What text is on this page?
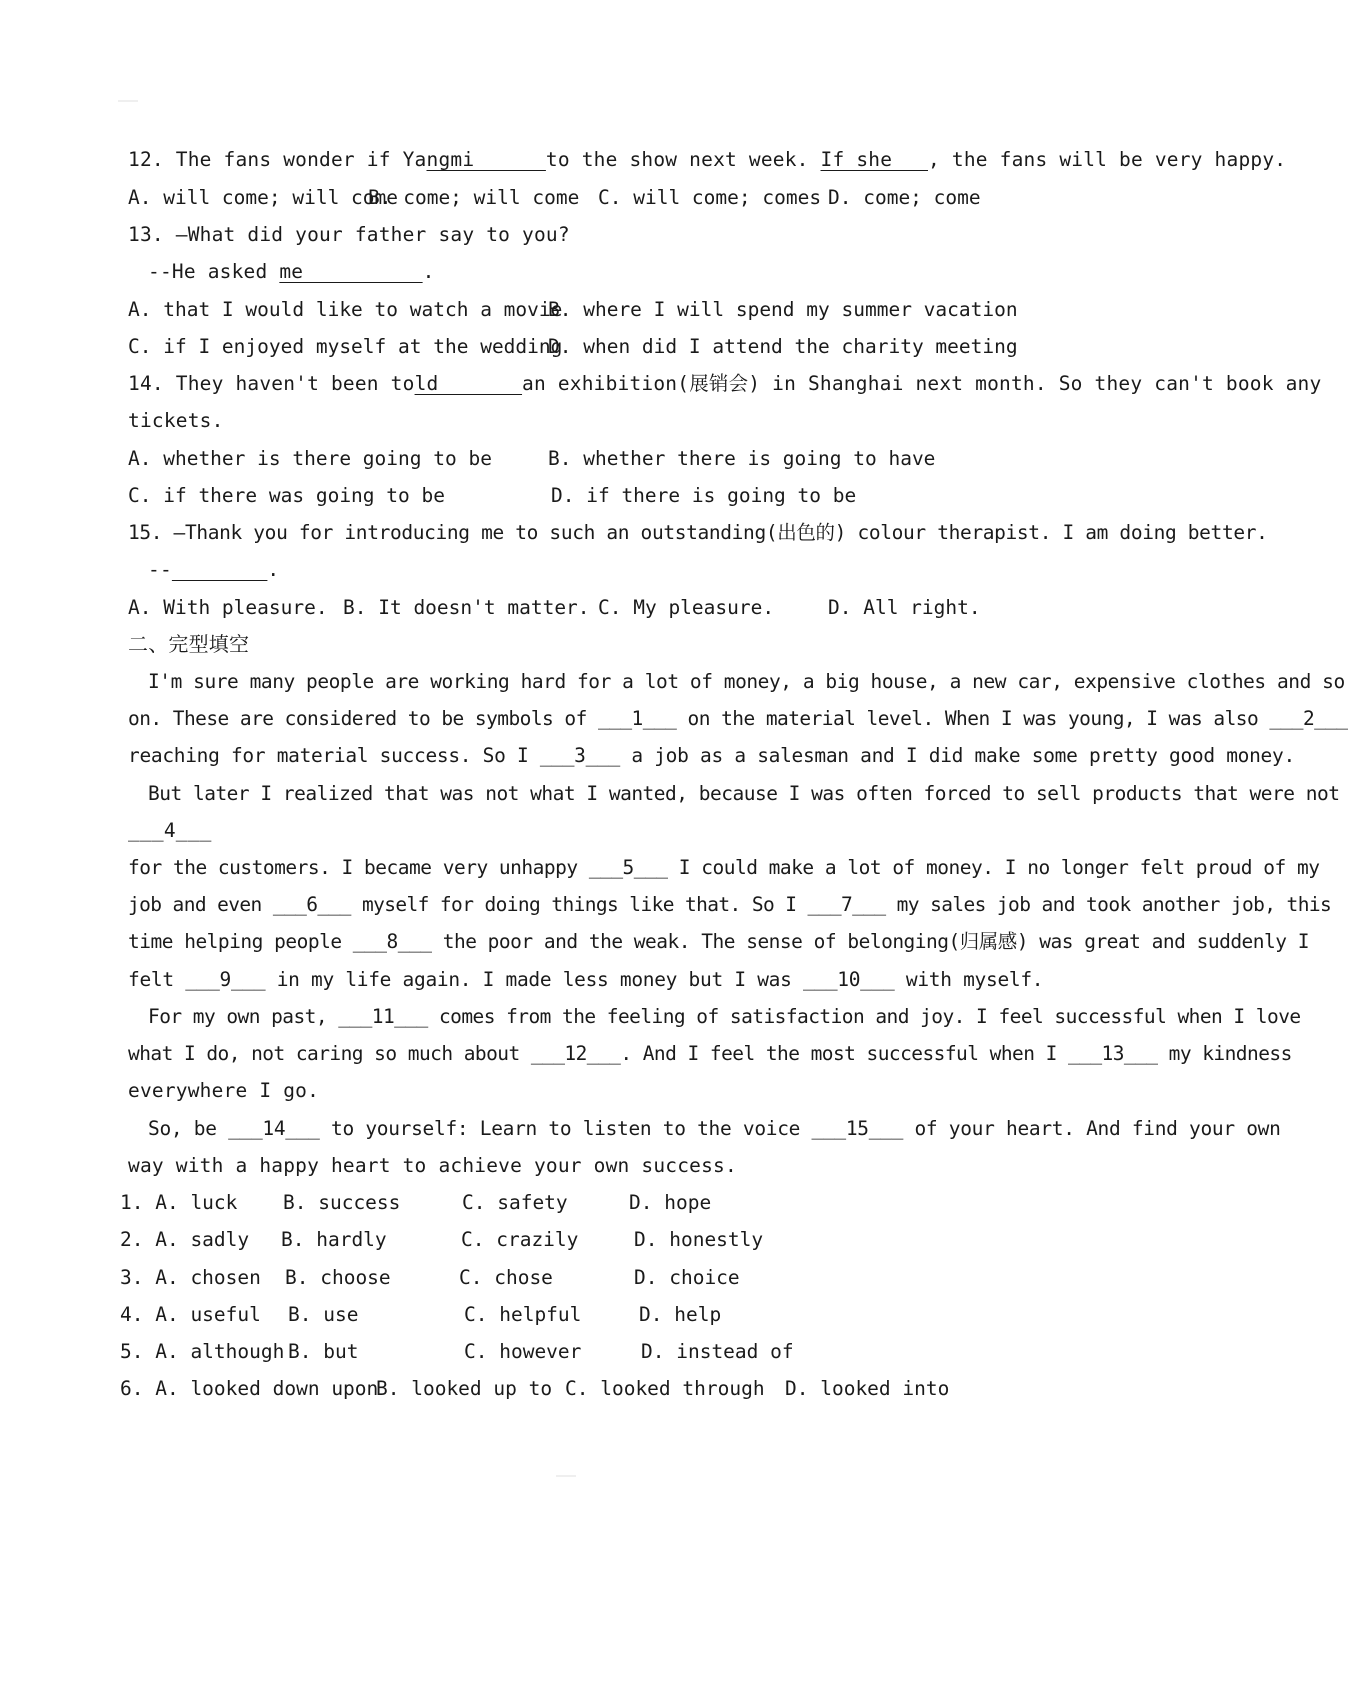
12. The fans wonder if Yangmi      to the show next week. If she   , the fans will be very happy.
A. will come; will come
B. come; will come C. will come; comes D. come; come
13. —What did your father say to you?
--He asked me          .
A. that I would like to watch a movie
B. where I will spend my summer vacation
C. if I enjoyed myself at the wedding
D. when did I attend the charity meeting
14. They haven't been told       an exhibition(展销会) in Shanghai next month. So they can't book any
tickets.
A. whether is there going to be	B. whether there is going to have
C. if there was going to be	D. if there is going to be
15. —Thank you for introducing me to such an outstanding(出色的) colour therapist. I am doing better.
--	.
A. With pleasure. B. It doesn't matter. C. My pleasure.	D. All right.
二、完型填空
I'm sure many people are working hard for a lot of money, a big house, a new car, expensive clothes and so
on. These are considered to be symbols of ___1___ on the material level. When I was young, I was also ___2___
reaching for material success. So I ___3___ a job as a salesman and I did make some pretty good money.
But later I realized that was not what I wanted, because I was often forced to sell products that were not
___4___
for the customers. I became very unhappy ___5___ I could make a lot of money. I no longer felt proud of my
job and even ___6___ myself for doing things like that. So I ___7___ my sales job and took another job, this
time helping people ___8___ the poor and the weak. The sense of belonging(归属感) was great and suddenly I
felt ___9___ in my life again. I made less money but I was ___10___ with myself.
For my own past, ___11___ comes from the feeling of satisfaction and joy. I feel successful when I love
what I do, not caring so much about ___12___. And I feel the most successful when I ___13___ my kindness
everywhere I go.
So, be ___14___ to yourself: Learn to listen to the voice ___15___ of your heart. And find your own
way with a happy heart to achieve your own success.
1. A. luck B. success	C. safety	D. hope
2. A. sadly B. hardly	C. crazily	D. honestly
3. A. chosen B. choose	C. chose	D. choice
4. A. useful B. use	C. helpful	D. help
5. A. although B. but	C. however	D. instead of
6. A. looked down upon
B. looked up to C. looked through D. looked into
